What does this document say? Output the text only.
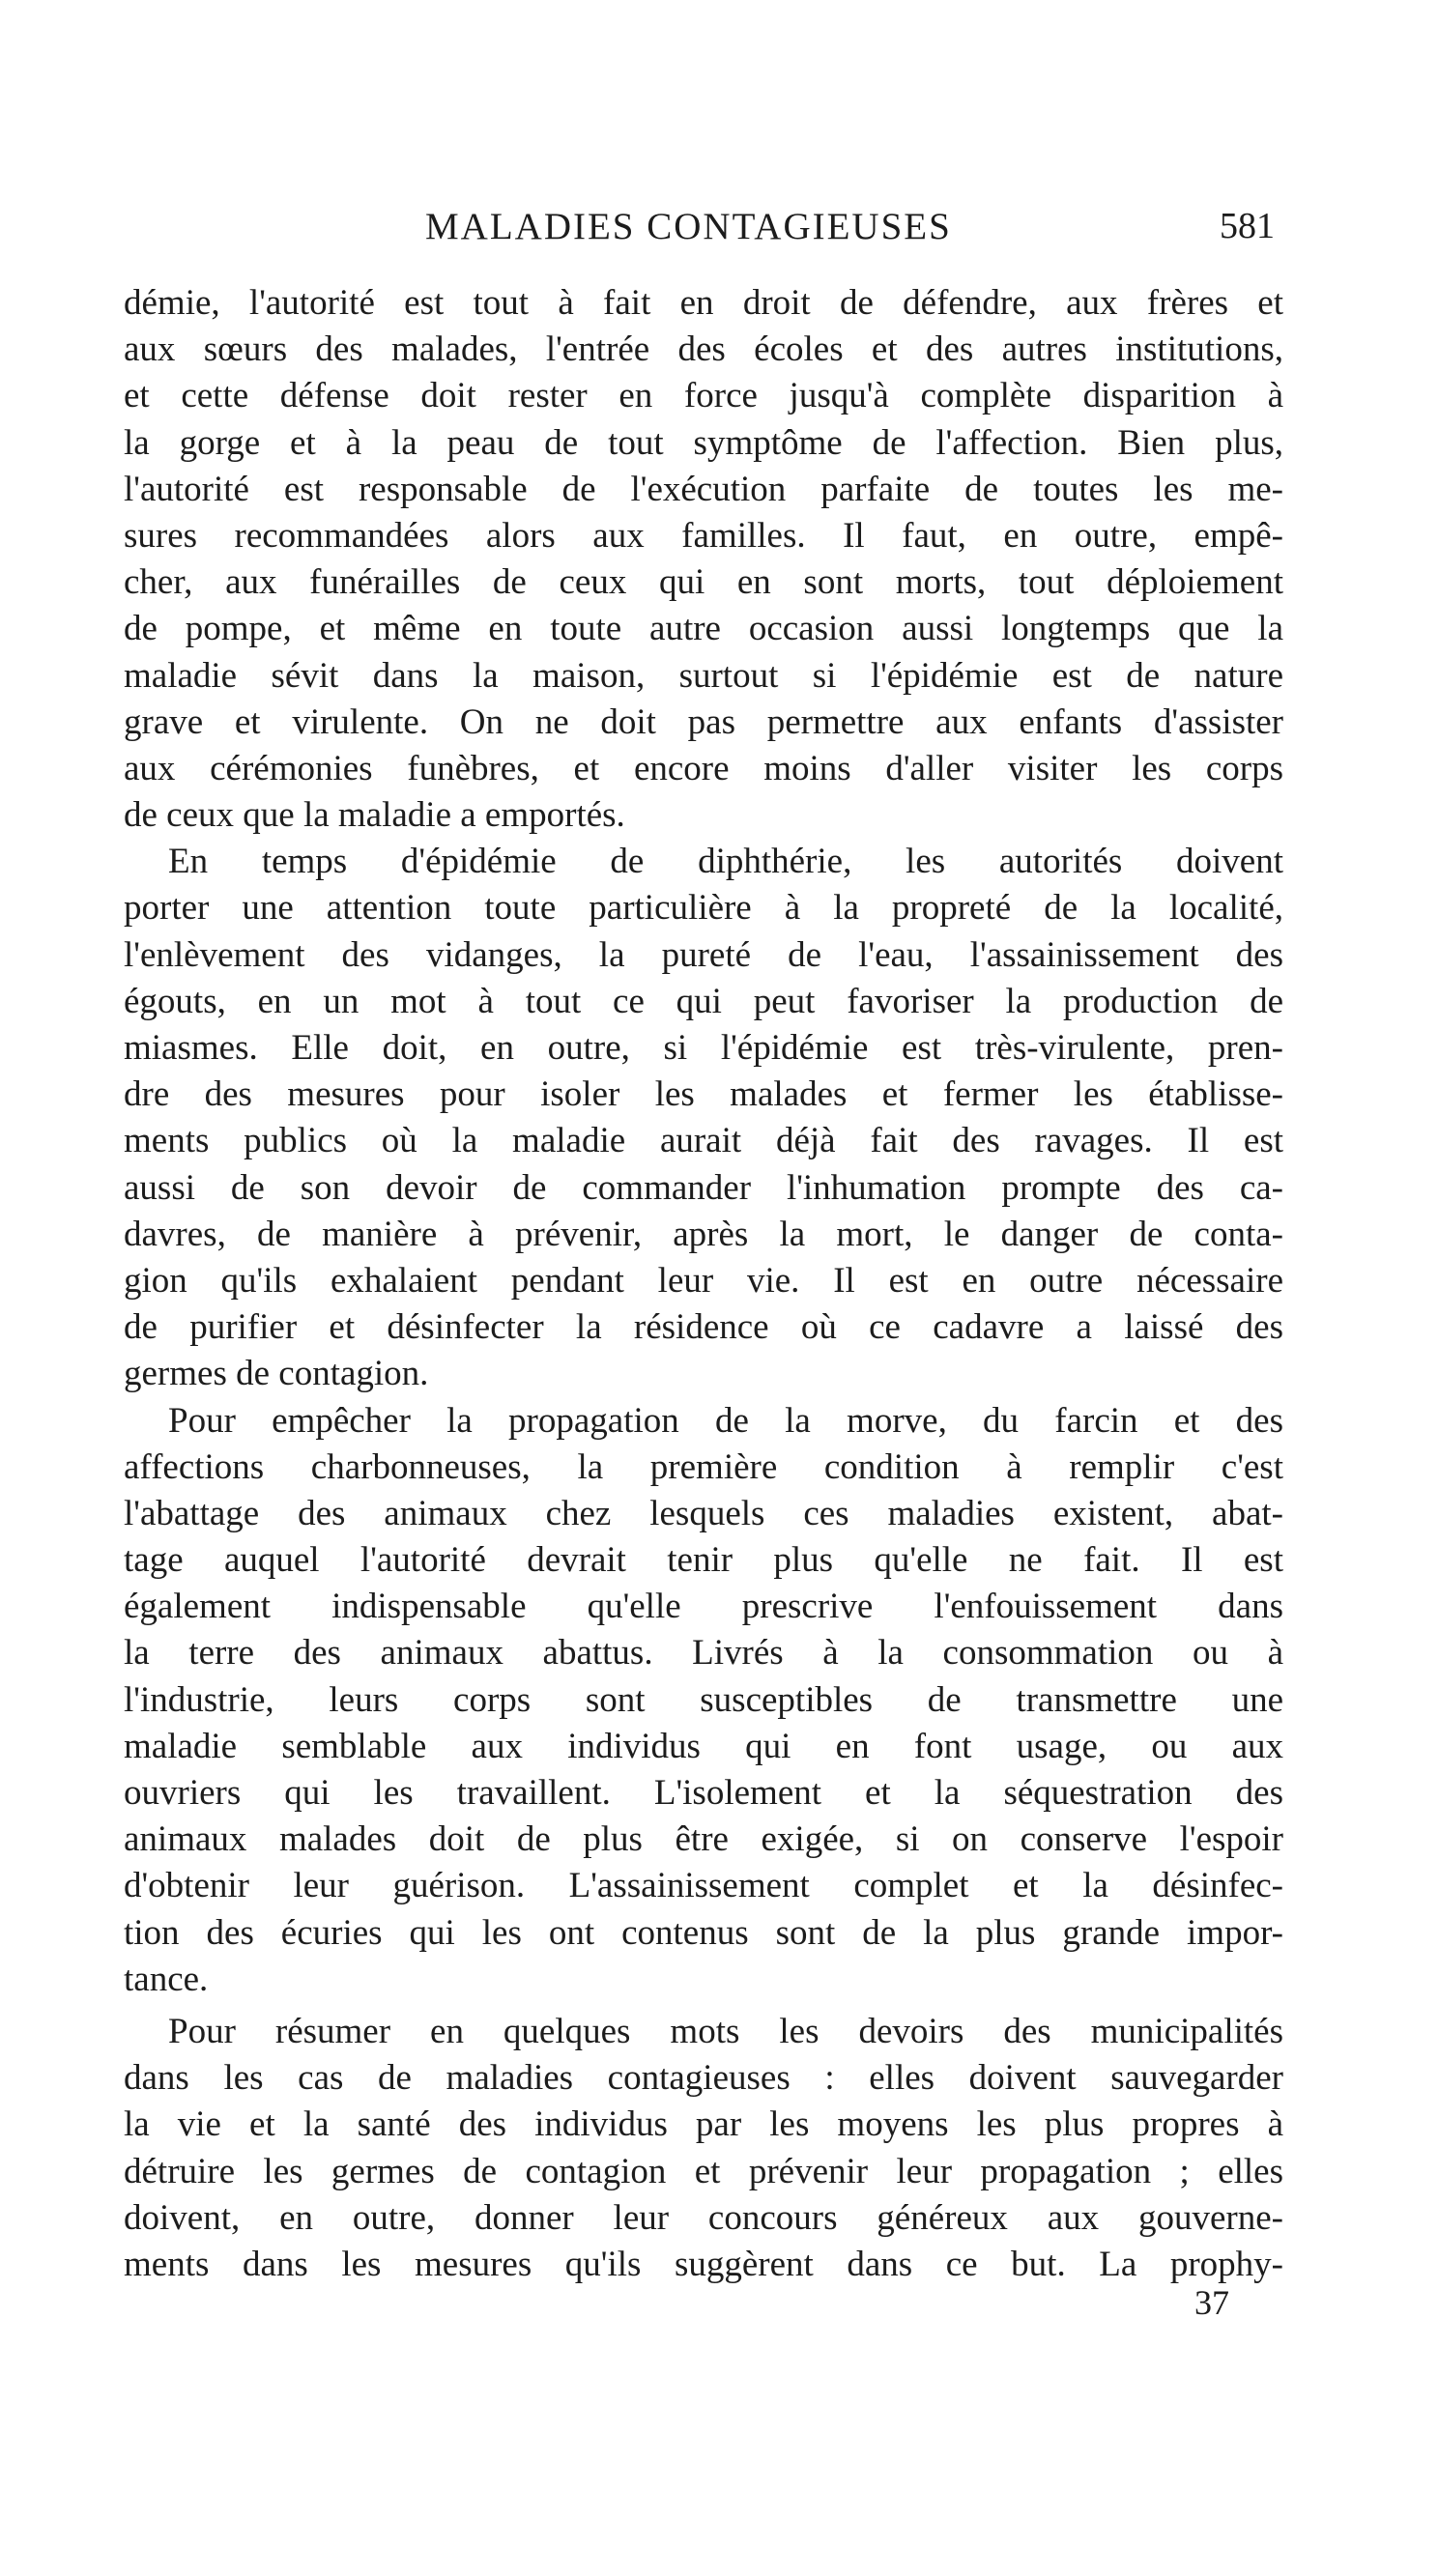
MALADIES CONTAGIEUSES	581
démie, l'autorité est tout à fait en droit de défendre, aux frères et
aux sœurs des malades, l'entrée des écoles et des autres institutions,
et cette défense doit rester en force jusqu'à complète disparition à
la gorge et à la peau de tout symptôme de l'affection. Bien plus,
l'autorité est responsable de l'exécution parfaite de toutes les me-
sures recommandées alors aux familles. Il faut, en outre, empê-
cher, aux funérailles de ceux qui en sont morts, tout déploiement
de pompe, et même en toute autre occasion aussi longtemps que la
maladie sévit dans la maison, surtout si l'épidémie est de nature
grave et virulente. On ne doit pas permettre aux enfants d'assister
aux cérémonies funèbres, et encore moins d'aller visiter les corps
de ceux que la maladie a emportés.
En temps d'épidémie de diphthérie, les autorités doivent
porter une attention toute particulière à la propreté de la localité,
l'enlèvement des vidanges, la pureté de l'eau, l'assainissement des
égouts, en un mot à tout ce qui peut favoriser la production de
miasmes. Elle doit, en outre, si l'épidémie est très-virulente, pren-
dre des mesures pour isoler les malades et fermer les établisse-
ments publics où la maladie aurait déjà fait des ravages. Il est
aussi de son devoir de commander l'inhumation prompte des ca-
davres, de manière à prévenir, après la mort, le danger de conta-
gion qu'ils exhalaient pendant leur vie. Il est en outre nécessaire
de purifier et désinfecter la résidence où ce cadavre a laissé des
germes de contagion.
Pour empêcher la propagation de la morve, du farcin et des
affections charbonneuses, la première condition à remplir c'est
l'abattage des animaux chez lesquels ces maladies existent, abat-
tage auquel l'autorité devrait tenir plus qu'elle ne fait. Il est
également indispensable qu'elle prescrive l'enfouissement dans
la terre des animaux abattus. Livrés à la consommation ou à
l'industrie, leurs corps sont susceptibles de transmettre une
maladie semblable aux individus qui en font usage, ou aux
ouvriers qui les travaillent. L'isolement et la séquestration des
animaux malades doit de plus être exigée, si on conserve l'espoir
d'obtenir leur guérison. L'assainissement complet et la désinfec-
tion des écuries qui les ont contenus sont de la plus grande impor-
tance.
Pour résumer en quelques mots les devoirs des municipalités
dans les cas de maladies contagieuses : elles doivent sauvegarder
la vie et la santé des individus par les moyens les plus propres à
détruire les germes de contagion et prévenir leur propagation ; elles
doivent, en outre, donner leur concours généreux aux gouverne-
ments dans les mesures qu'ils suggèrent dans ce but. La prophy-
37
